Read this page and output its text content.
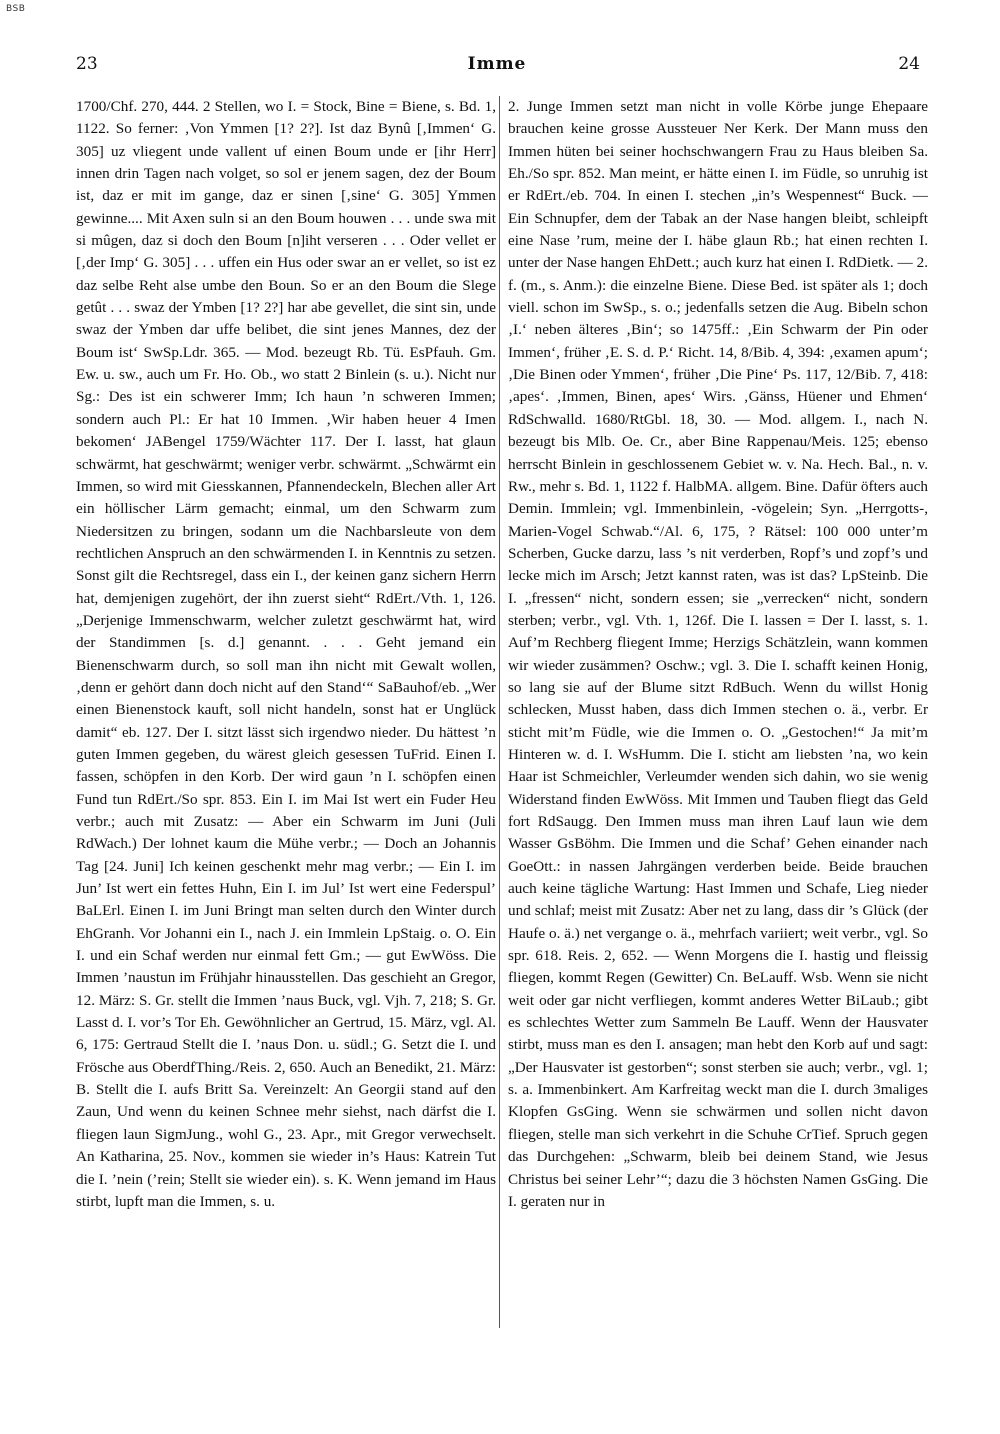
BSB
23	Imme	24

1700/Chf. 270, 444. 2 Stellen, wo I. = Stock, Bine = Biene, s. Bd. 1, 1122. So ferner: ‚Von Ymmen [1? 2?]. Ist daz Bynû [‚Immen‘ G. 305] uz vliegent unde vallent uf einen Boum unde er [ihr Herr] innen drin Tagen nach volget, so sol er jenem sagen, dez der Boum ist, daz er mit im gange, daz er sinen [‚sine‘ G. 305] Ymmen gewinne.... Mit Axen suln si an den Boum houwen . . . unde swa mit si mûgen, daz si doch den Boum [n]iht verseren . . . Oder vellet er [‚der Imp‘ G. 305] . . . uffen ein Hus oder swar an er vellet, so ist ez daz selbe Reht alse umbe den Boun. So er an den Boum die Slege getût . . . swaz der Ymben [1? 2?] har abe gevellet, die sint sin, unde swaz der Ymben dar uffe belibet, die sint jenes Mannes, dez der Boum ist‘ SwSp.Ldr. 365. — Mod. bezeugt Rb. Tü. EsPfauh. Gm. Ew. u. sw., auch um Fr. Ho. Ob., wo statt 2 Binlein (s. u.). Nicht nur Sg.: Des ist ein schwerer Imm; Ich haun ’n schweren Immen; sondern auch Pl.: Er hat 10 Immen. ‚Wir haben heuer 4 Imen bekomen‘ JABengel 1759/Wächter 117. Der I. lasst, hat glaun schwärmt, hat geschwärmt; weniger verbr. schwärmt. „Schwärmt ein Immen, so wird mit Giesskannen, Pfannendeckeln, Blechen aller Art ein höllischer Lärm gemacht; einmal, um den Schwarm zum Niedersitzen zu bringen, sodann um die Nachbarsleute von dem rechtlichen Anspruch an den schwärmenden I. in Kenntnis zu setzen. Sonst gilt die Rechtsregel, dass ein I., der keinen ganz sichern Herrn hat, demjenigen zugehört, der ihn zuerst sieht“ RdErt./Vth. 1, 126. „Derjenige Immenschwarm, welcher zuletzt geschwärmt hat, wird der Standimmen [s. d.] genannt. . . . Geht jemand ein Bienenschwarm durch, so soll man ihn nicht mit Gewalt wollen, ‚denn er gehört dann doch nicht auf den Stand‘“ SaBauhof/eb. „Wer einen Bienenstock kauft, soll nicht handeln, sonst hat er Unglück damit“ eb. 127. Der I. sitzt lässt sich irgendwo nieder. Du hättest ’n guten Immen gegeben, du wärest gleich gesessen TuFrid. Einen I. fassen, schöpfen in den Korb. Der wird gaun ’n I. schöpfen einen Fund tun RdErt./So spr. 853. Ein I. im Mai Ist wert ein Fuder Heu verbr.; auch mit Zusatz: — Aber ein Schwarm im Juni (Juli RdWach.) Der lohnet kaum die Mühe verbr.; — Doch an Johannis Tag [24. Juni] Ich keinen geschenkt mehr mag verbr.; — Ein I. im Jun’ Ist wert ein fettes Huhn, Ein I. im Jul’ Ist wert eine Federspul’ BaLErl. Einen I. im Juni Bringt man selten durch den Winter durch EhGranh. Vor Johanni ein I., nach J. ein Immlein LpStaig. o. O. Ein I. und ein Schaf werden nur einmal fett Gm.; — gut EwWöss. Die Immen ’naustun im Frühjahr hinausstellen. Das geschieht an Gregor, 12. März: S. Gr. stellt die Immen ’naus Buck, vgl. Vjh. 7, 218; S. Gr. Lasst d. I. vor’s Tor Eh. Gewöhnlicher an Gertrud, 15. März, vgl. Al. 6, 175: Gertraud Stellt die I. ’naus Don. u. südl.; G. Setzt die I. und Frösche aus OberdfThing./Reis. 2, 650. Auch an Benedikt, 21. März: B. Stellt die I. aufs Britt Sa. Vereinzelt: An Georgii stand auf den Zaun, Und wenn du keinen Schnee mehr siehst, nach därfst die I. fliegen laun SigmJung., wohl G., 23. Apr., mit Gregor verwechselt. An Katharina, 25. Nov., kommen sie wieder in’s Haus: Katrein Tut die I. ’nein (’rein; Stellt sie wieder ein). s. K. Wenn jemand im Haus stirbt, lupft man die Immen, s. u.

2. Junge Immen setzt man nicht in volle Körbe junge Ehepaare brauchen keine grosse Aussteuer Ner Kerk. Der Mann muss den Immen hüten bei seiner hochschwangern Frau zu Haus bleiben Sa. Eh./So spr. 852. Man meint, er hätte einen I. im Füdle, so unruhig ist er RdErt./eb. 704. In einen I. stechen „in’s Wespennest“ Buck. — Ein Schnupfer, dem der Tabak an der Nase hangen bleibt, schleipft eine Nase ’rum, meine der I. häbe glaun Rb.; hat einen rechten I. unter der Nase hangen EhDett.; auch kurz hat einen I. RdDietk. — 2. f. (m., s. Anm.): die einzelne Biene. Diese Bed. ist später als 1; doch viell. schon im SwSp., s. o.; jedenfalls setzen die Aug. Bibeln schon ‚I.‘ neben älteres ‚Bin‘; so 1475ff.: ‚Ein Schwarm der Pin oder Immen‘, früher ‚E. S. d. P.‘ Richt. 14, 8/Bib. 4, 394: ‚examen apum‘; ‚Die Binen oder Ymmen‘, früher ‚Die Pine‘ Ps. 117, 12/Bib. 7, 418: ‚apes‘. ‚Immen, Binen, apes‘ Wirs. ‚Gänss, Hüener und Ehmen‘ RdSchwalld. 1680/RtGbl. 18, 30. — Mod. allgem. I., nach N. bezeugt bis Mlb. Oe. Cr., aber Bine Rappenau/Meis. 125; ebenso herrscht Binlein in geschlossenem Gebiet w. v. Na. Hech. Bal., n. v. Rw., mehr s. Bd. 1, 1122 f. HalbMA. allgem. Bine. Dafür öfters auch Demin. Immlein; vgl. Immenbinlein, -vögelein; Syn. „Herrgotts-, Marien-Vogel Schwab.“/Al. 6, 175, ? Rätsel: 100 000 unter’m Scherben, Gucke darzu, lass ’s nit verderben, Ropf’s und zopf’s und lecke mich im Arsch; Jetzt kannst raten, was ist das? LpSteinb. Die I. „fressen“ nicht, sondern essen; sie „verrecken“ nicht, sondern sterben; verbr., vgl. Vth. 1, 126f. Die I. lassen = Der I. lasst, s. 1. Auf’m Rechberg fliegent Imme; Herzigs Schätzlein, wann kommen wir wieder zusämmen? Oschw.; vgl. 3. Die I. schafft keinen Honig, so lang sie auf der Blume sitzt RdBuch. Wenn du willst Honig schlecken, Musst haben, dass dich Immen stechen o. ä., verbr. Er sticht mit’m Füdle, wie die Immen o. O. „Gestochen!“ Ja mit’m Hinteren w. d. I. WsHumm. Die I. sticht am liebsten ’na, wo kein Haar ist Schmeichler, Verleumder wenden sich dahin, wo sie wenig Widerstand finden EwWöss. Mit Immen und Tauben fliegt das Geld fort RdSaugg. Den Immen muss man ihren Lauf laun wie dem Wasser GsBöhm. Die Immen und die Schaf’ Gehen einander nach GoeOtt.: in nassen Jahrgängen verderben beide. Beide brauchen auch keine tägliche Wartung: Hast Immen und Schafe, Lieg nieder und schlaf; meist mit Zusatz: Aber net zu lang, dass dir ’s Glück (der Haufe o. ä.) net vergange o. ä., mehrfach variiert; weit verbr., vgl. So spr. 618. Reis. 2, 652. — Wenn Morgens die I. hastig und fleissig fliegen, kommt Regen (Gewitter) Cn. BeLauff. Wsb. Wenn sie nicht weit oder gar nicht verfliegen, kommt anderes Wetter BiLaub.; gibt es schlechtes Wetter zum Sammeln Be Lauff. Wenn der Hausvater stirbt, muss man es den I. ansagen; man hebt den Korb auf und sagt: „Der Hausvater ist gestorben“; sonst sterben sie auch; verbr., vgl. 1; s. a. Immenbinkert. Am Karfreitag weckt man die I. durch 3maliges Klopfen GsGing. Wenn sie schwärmen und sollen nicht davon fliegen, stelle man sich verkehrt in die Schuhe CrTief. Spruch gegen das Durchgehen: „Schwarm, bleib bei deinem Stand, wie Jesus Christus bei seiner Lehr’“; dazu die 3 höchsten Namen GsGing. Die I. geraten nur in
